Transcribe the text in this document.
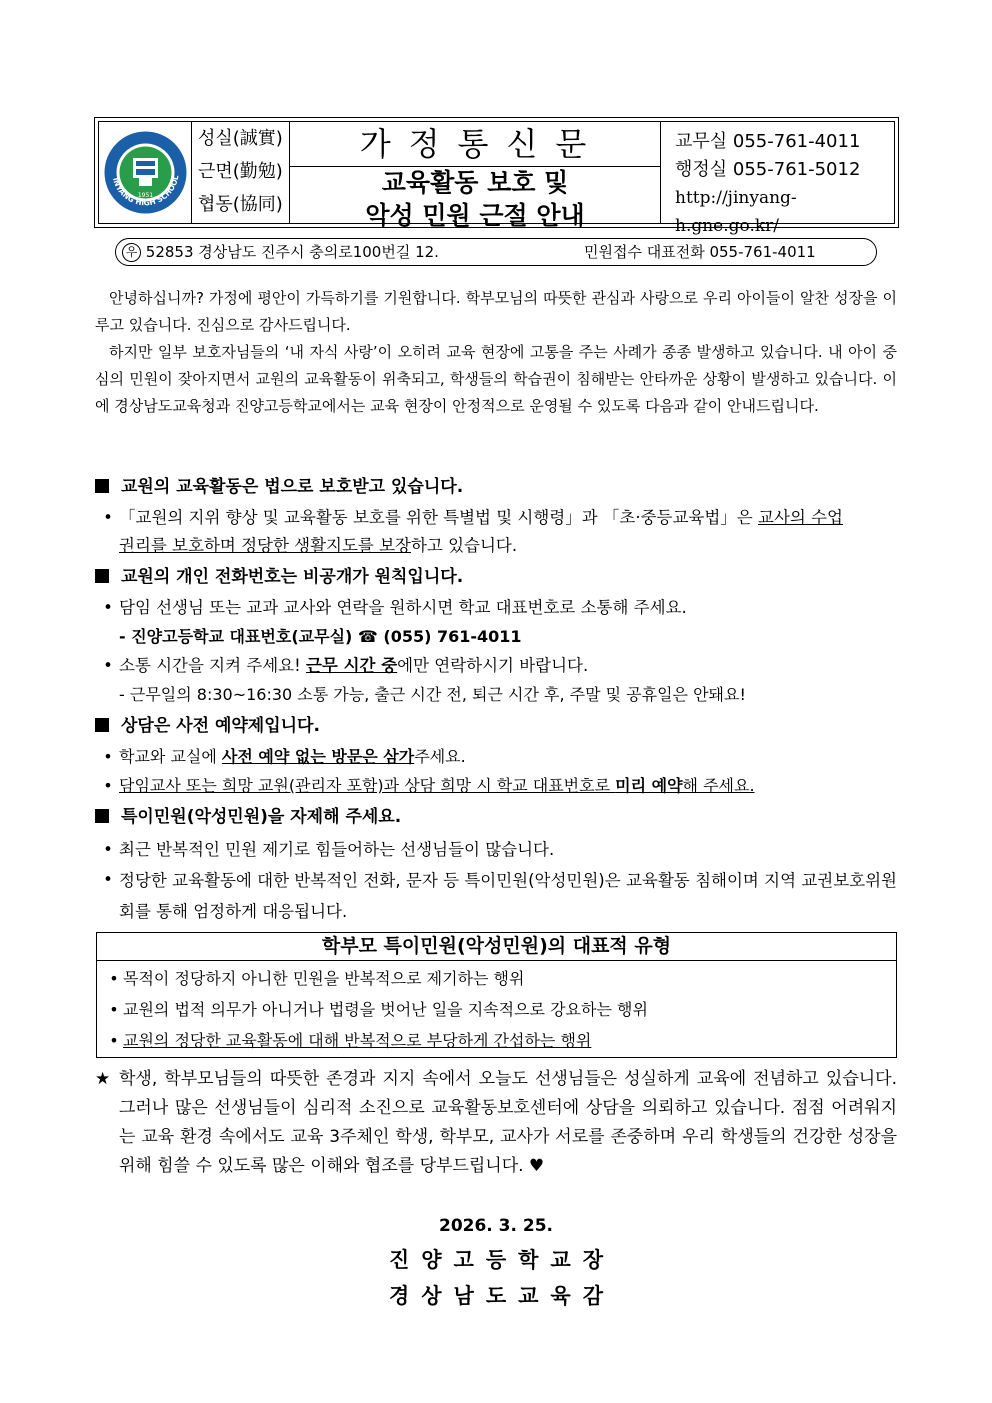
1951
INYANG HIGH SCHOOL
성실(誠實)
근면(勤勉)
협동(協同)
가정통신문
교육활동 보호 및
악성 민원 근절 안내
교무실 055-761-4011
행정실 055-761-5012
http://jinyang-h.gne.go.kr/
우 52853 경상남도 진주시 충의로100번길 12.	민원접수 대표전화 055-761-4011
안녕하십니까? 가정에 평안이 가득하기를 기원합니다. 학부모님의 따뜻한 관심과 사랑으로 우리 아이들이 알찬 성장을 이루고 있습니다. 진심으로 감사드립니다.
하지만 일부 보호자님들의 ‘내 자식 사랑’이 오히려 교육 현장에 고통을 주는 사례가 종종 발생하고 있습니다. 내 아이 중심의 민원이 잦아지면서 교원의 교육활동이 위축되고, 학생들의 학습권이 침해받는 안타까운 상황이 발생하고 있습니다. 이에 경상남도교육청과 진양고등학교에서는 교육 현장이 안정적으로 운영될 수 있도록 다음과 같이 안내드립니다.
교원의 교육활동은 법으로 보호받고 있습니다.
• 「교원의 지위 향상 및 교육활동 보호를 위한 특별법 및 시행령」과 「초·중등교육법」은 교사의 수업
권리를 보호하며 정당한 생활지도를 보장하고 있습니다.
교원의 개인 전화번호는 비공개가 원칙입니다.
• 담임 선생님 또는 교과 교사와 연락을 원하시면 학교 대표번호로 소통해 주세요.
- 진양고등학교 대표번호(교무실) ☎ (055) 761-4011
• 소통 시간을 지켜 주세요! 근무 시간 중에만 연락하시기 바랍니다.
- 근무일의 8:30~16:30 소통 가능, 출근 시간 전, 퇴근 시간 후, 주말 및 공휴일은 안돼요!
상담은 사전 예약제입니다.
• 학교와 교실에 사전 예약 없는 방문은 삼가주세요.
• 담임교사 또는 희망 교원(관리자 포함)과 상담 희망 시 학교 대표번호로 미리 예약해 주세요.
특이민원(악성민원)을 자제해 주세요.
• 최근 반복적인 민원 제기로 힘들어하는 선생님들이 많습니다.
• 정당한 교육활동에 대한 반복적인 전화, 문자 등 특이민원(악성민원)은 교육활동 침해이며 지역 교권보호위원회를 통해 엄정하게 대응됩니다.
학부모 특이민원(악성민원)의 대표적 유형
• 목적이 정당하지 아니한 민원을 반복적으로 제기하는 행위
• 교원의 법적 의무가 아니거나 법령을 벗어난 일을 지속적으로 강요하는 행위
• 교원의 정당한 교육활동에 대해 반복적으로 부당하게 간섭하는 행위
★ 학생, 학부모님들의 따뜻한 존경과 지지 속에서 오늘도 선생님들은 성실하게 교육에 전념하고 있습니다. 그러나 많은 선생님들이 심리적 소진으로 교육활동보호센터에 상담을 의뢰하고 있습니다. 점점 어려워지는 교육 환경 속에서도 교육 3주체인 학생, 학부모, 교사가 서로를 존중하며 우리 학생들의 건강한 성장을 위해 힘쓸 수 있도록 많은 이해와 협조를 당부드립니다. ♥
2026. 3. 25.
진양고등학교장
경상남도교육감
